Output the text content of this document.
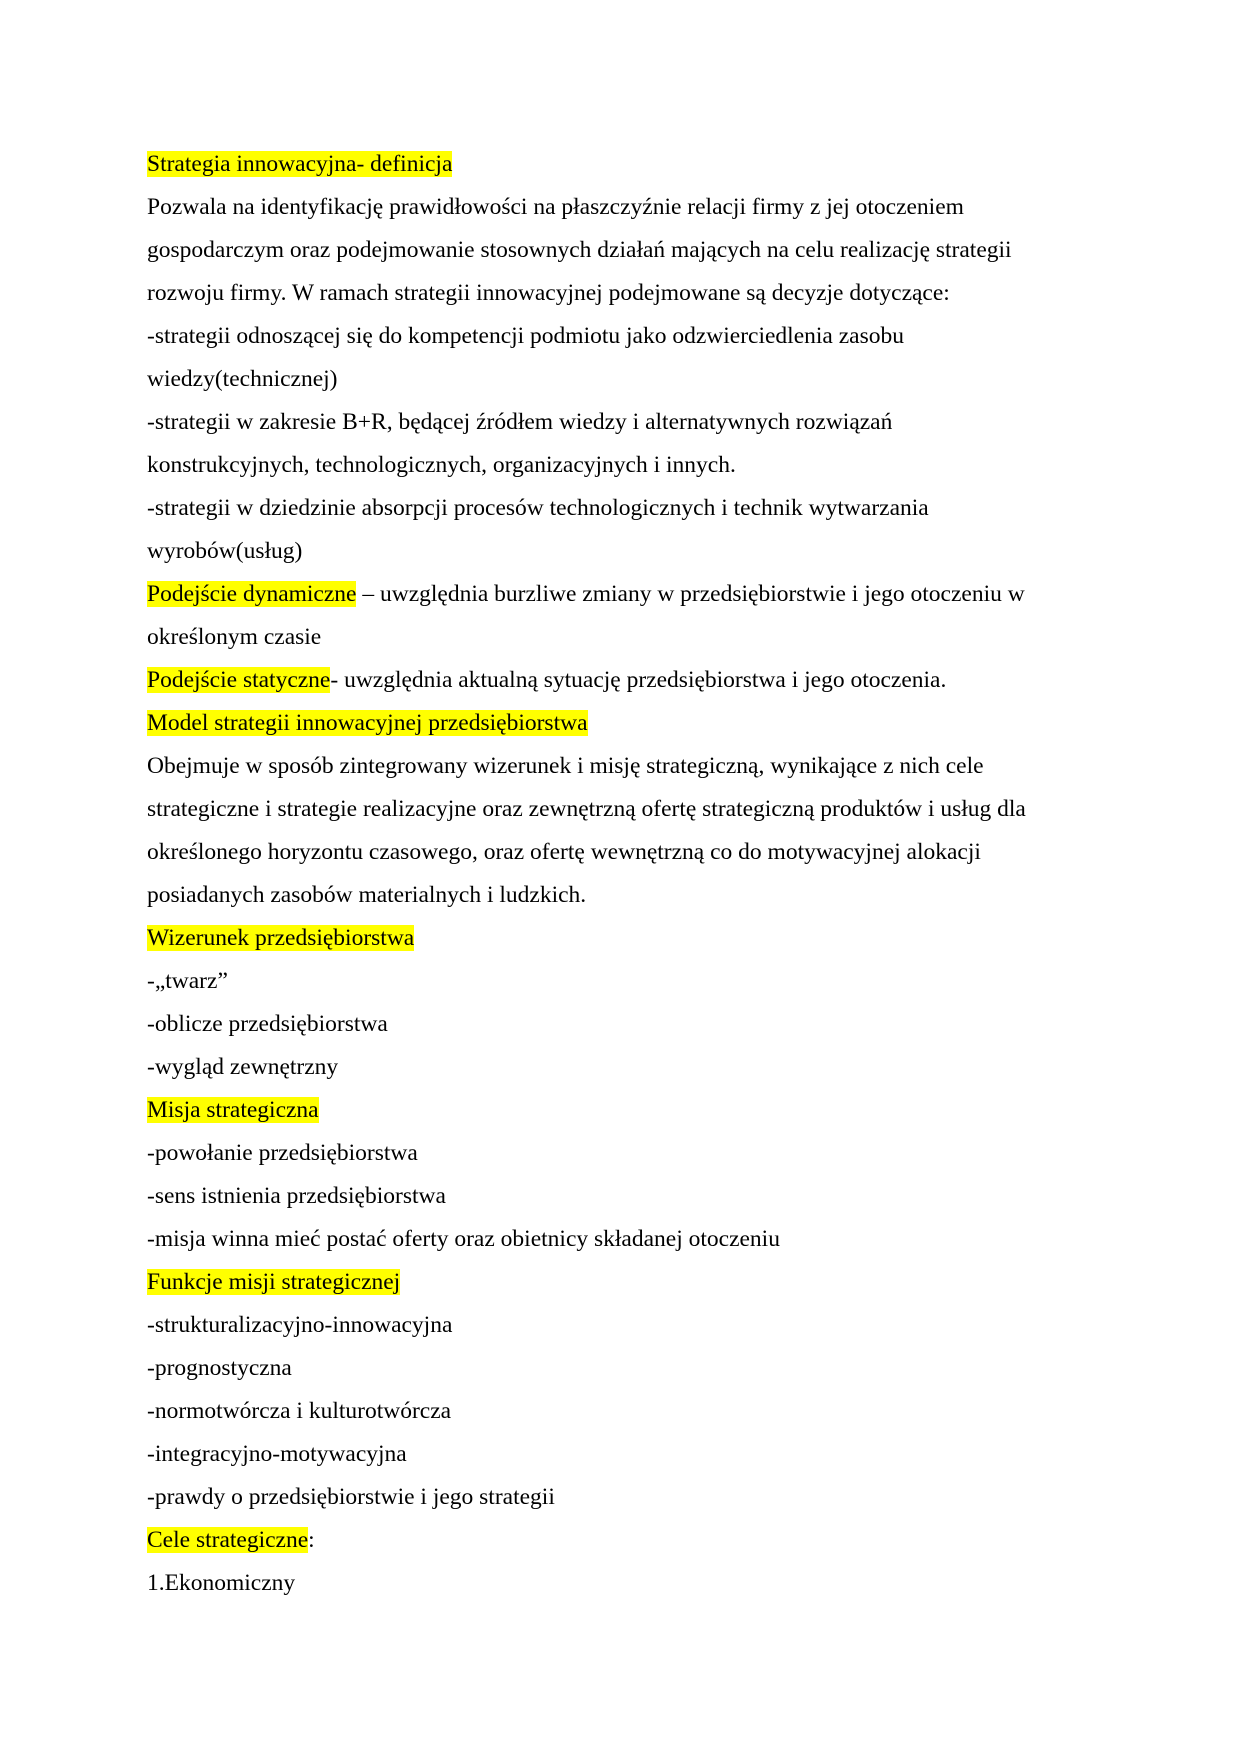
Strategia innowacyjna- definicja
Pozwala na identyfikację prawidłowości na płaszczyźnie relacji firmy z jej otoczeniem
gospodarczym oraz podejmowanie stosownych działań mających na celu realizację strategii
rozwoju firmy. W ramach strategii innowacyjnej podejmowane są decyzje dotyczące:
-strategii odnoszącej się do kompetencji podmiotu jako odzwierciedlenia zasobu
wiedzy(technicznej)
-strategii w zakresie B+R, będącej źródłem wiedzy i alternatywnych rozwiązań
konstrukcyjnych, technologicznych, organizacyjnych i innych.
-strategii w dziedzinie absorpcji procesów technologicznych i technik wytwarzania
wyrobów(usług)
Podejście dynamiczne – uwzględnia burzliwe zmiany w przedsiębiorstwie i jego otoczeniu w
określonym czasie
Podejście statyczne- uwzględnia aktualną sytuację przedsiębiorstwa i jego otoczenia.
Model strategii innowacyjnej przedsiębiorstwa
Obejmuje w sposób zintegrowany wizerunek i misję strategiczną, wynikające z nich cele
strategiczne i strategie realizacyjne oraz zewnętrzną ofertę strategiczną produktów i usług dla
określonego horyzontu czasowego, oraz ofertę wewnętrzną co do motywacyjnej alokacji
posiadanych zasobów materialnych i ludzkich.
Wizerunek przedsiębiorstwa
-„twarz”
-oblicze przedsiębiorstwa
-wygląd zewnętrzny
Misja strategiczna
-powołanie przedsiębiorstwa
-sens istnienia przedsiębiorstwa
-misja winna mieć postać oferty oraz obietnicy składanej otoczeniu
Funkcje misji strategicznej
-strukturalizacyjno-innowacyjna
-prognostyczna
-normotwórcza i kulturotwórcza
-integracyjno-motywacyjna
-prawdy o przedsiębiorstwie i jego strategii
Cele strategiczne:
1.Ekonomiczny
